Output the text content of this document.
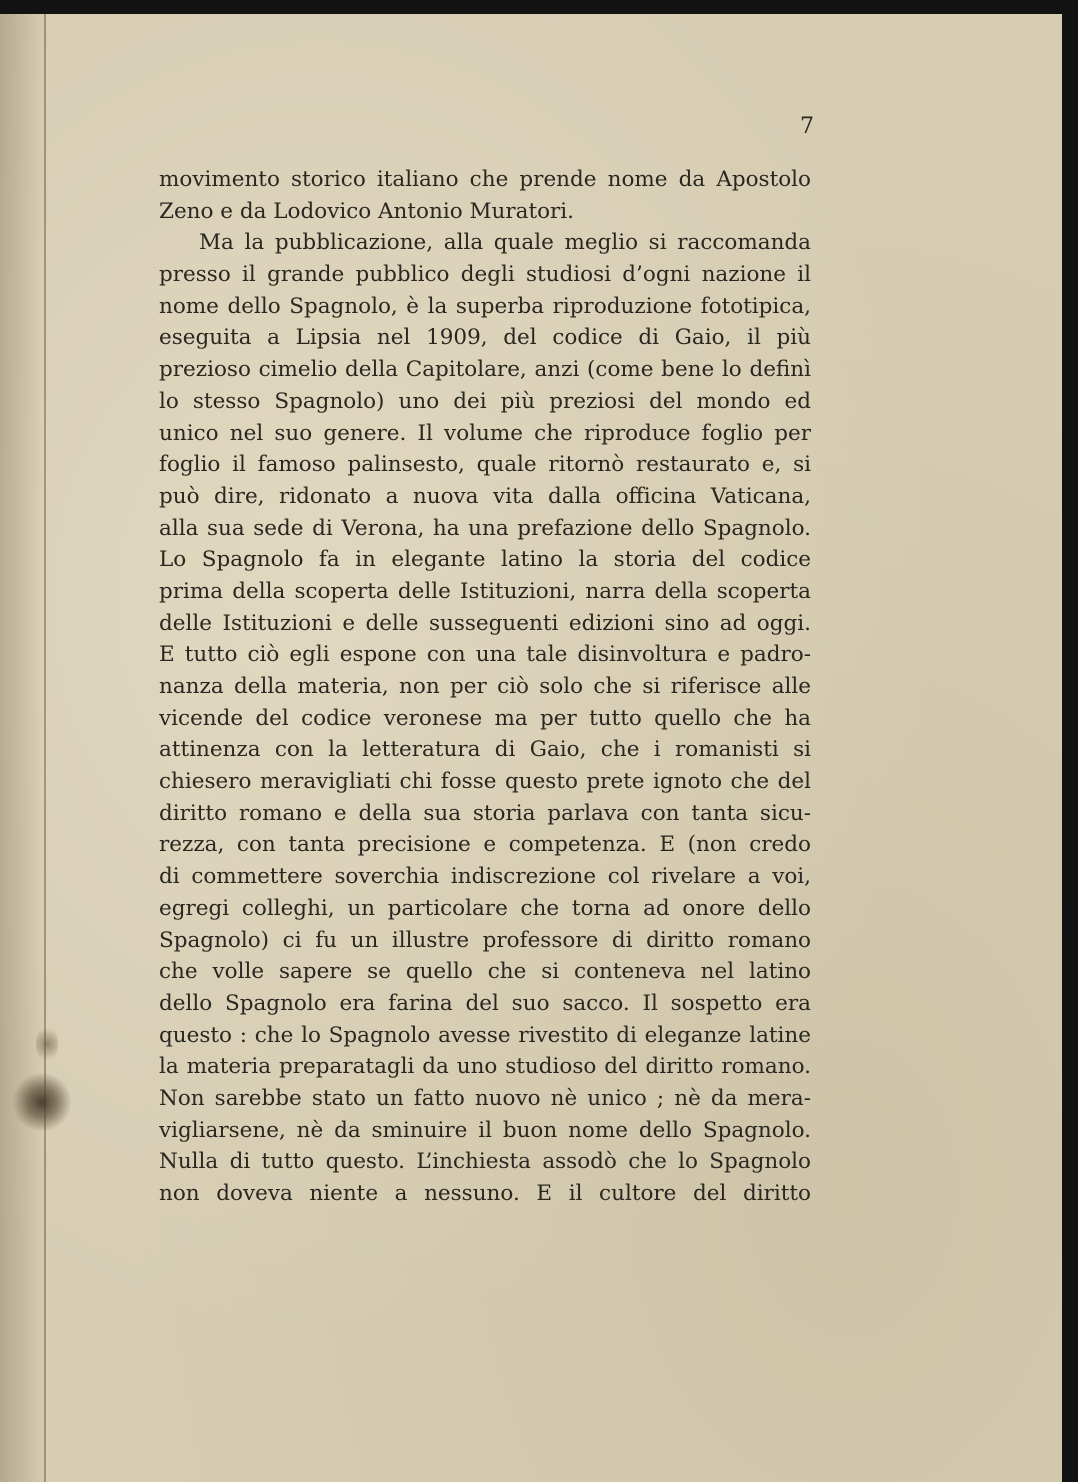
7
movimento storico italiano che prende nome da Apostolo
Zeno e da Lodovico Antonio Muratori.
Ma la pubblicazione, alla quale meglio si raccomanda
presso il grande pubblico degli studiosi d’ogni nazione il
nome dello Spagnolo, è la superba riproduzione fototipica,
eseguita a Lipsia nel 1909, del codice di Gaio, il più
prezioso cimelio della Capitolare, anzi (come bene lo definì
lo stesso Spagnolo) uno dei più preziosi del mondo ed
unico nel suo genere. Il volume che riproduce foglio per
foglio il famoso palinsesto, quale ritornò restaurato e, si
può dire, ridonato a nuova vita dalla officina Vaticana,
alla sua sede di Verona, ha una prefazione dello Spagnolo.
Lo Spagnolo fa in elegante latino la storia del codice
prima della scoperta delle Istituzioni, narra della scoperta
delle Istituzioni e delle susseguenti edizioni sino ad oggi.
E tutto ciò egli espone con una tale disinvoltura e padro-
nanza della materia, non per ciò solo che si riferisce alle
vicende del codice veronese ma per tutto quello che ha
attinenza con la letteratura di Gaio, che i romanisti si
chiesero meravigliati chi fosse questo prete ignoto che del
diritto romano e della sua storia parlava con tanta sicu-
rezza, con tanta precisione e competenza. E (non credo
di commettere soverchia indiscrezione col rivelare a voi,
egregi colleghi, un particolare che torna ad onore dello
Spagnolo) ci fu un illustre professore di diritto romano
che volle sapere se quello che si conteneva nel latino
dello Spagnolo era farina del suo sacco. Il sospetto era
questo : che lo Spagnolo avesse rivestito di eleganze latine
la materia preparatagli da uno studioso del diritto romano.
Non sarebbe stato un fatto nuovo nè unico ; nè da mera-
vigliarsene, nè da sminuire il buon nome dello Spagnolo.
Nulla di tutto questo. L’inchiesta assodò che lo Spagnolo
non doveva niente a nessuno. E il cultore del diritto
